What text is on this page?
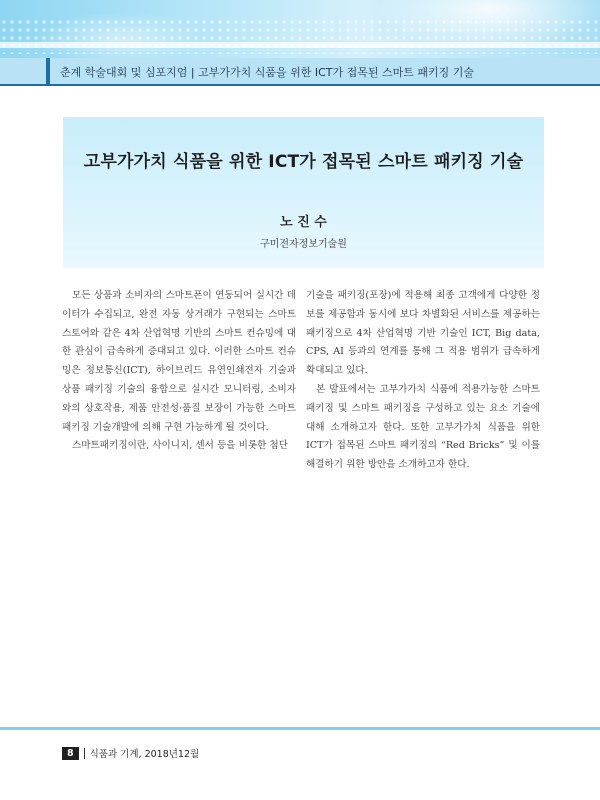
춘계 학술대회 및 심포지엄 | 고부가가치 식품을 위한 ICT가 접목된 스마트 패키징 기술
고부가가치 식품을 위한 ICT가 접목된 스마트 패키징 기술
노 진 수
구미전자정보기술원

모든 상품과 소비자의 스마트폰이 연동되어 실시간 데이터가 수집되고, 완전 자동 상거래가 구현되는 스마트 스토어와 같은 4차 산업혁명 기반의 스마트 컨슈밍에 대한 관심이 급속하게 증대되고 있다. 이러한 스마트 컨슈밍은 정보통신(ICT), 하이브리드 유연인쇄전자 기술과 상품 패키징 기술의 융합으로 실시간 모니터링, 소비자와의 상호작용, 제품 안전성·품질 보장이 가능한 스마트 패키징 기술개발에 의해 구현 가능하게 될 것이다.

스마트패키징이란, 사이니지, 센서 등을 비롯한 첨단

기술을 패키징(포장)에 적용해 최종 고객에게 다양한 정보를 제공함과 동시에 보다 차별화된 서비스를 제공하는 패키징으로 4차 산업혁명 기반 기술인 ICT, Big data, CPS, AI 등과의 연계를 통해 그 적용 범위가 급속하게 확대되고 있다.

본 발표에서는 고부가가치 식품에 적용가능한 스마트 패키징 및 스마트 패키징을 구성하고 있는 요소 기술에 대해 소개하고자 한다. 또한 고부가가치 식품을 위한 ICT가 접목된 스마트 패키징의 “Red Bricks” 및 이를 해결하기 위한 방안을 소개하고자 한다.

8	식품과 기계, 2018년12월
